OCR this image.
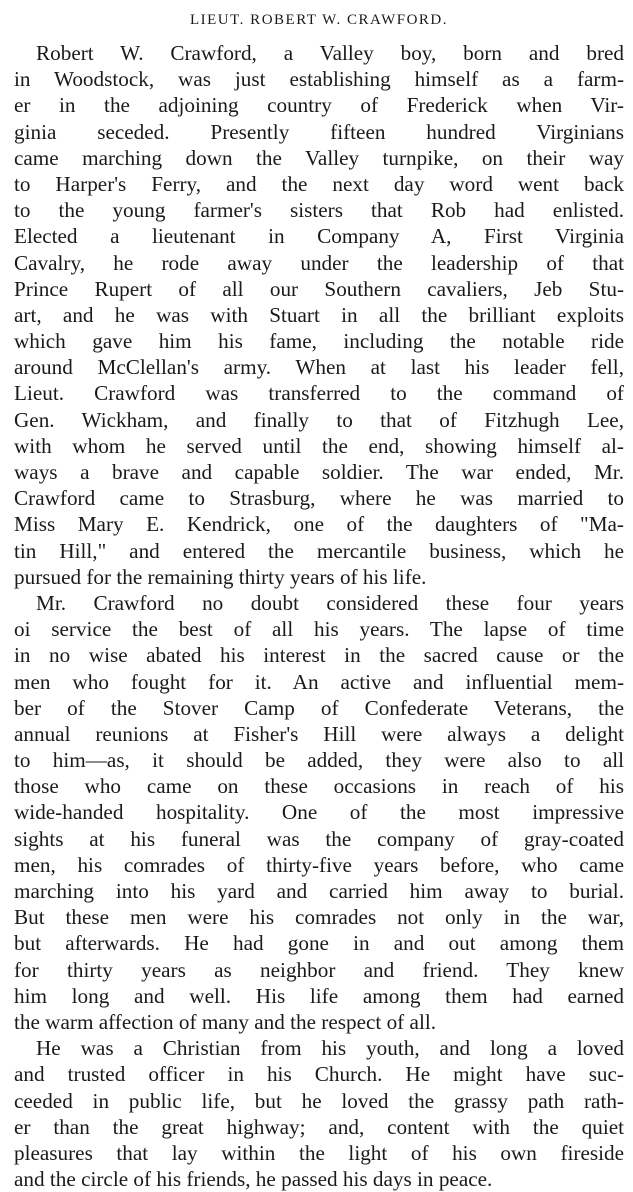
LIEUT. ROBERT W. CRAWFORD.
Robert W. Crawford, a Valley boy, born and bred
in Woodstock, was just establishing himself as a farm-
er in the adjoining country of Frederick when Vir-
ginia seceded. Presently fifteen hundred Virginians
came marching down the Valley turnpike, on their way
to Harper's Ferry, and the next day word went back
to the young farmer's sisters that Rob had enlisted.
Elected a lieutenant in Company A, First Virginia
Cavalry, he rode away under the leadership of that
Prince Rupert of all our Southern cavaliers, Jeb Stu-
art, and he was with Stuart in all the brilliant exploits
which gave him his fame, including the notable ride
around McClellan's army. When at last his leader fell,
Lieut. Crawford was transferred to the command of
Gen. Wickham, and finally to that of Fitzhugh Lee,
with whom he served until the end, showing himself al-
ways a brave and capable soldier. The war ended, Mr.
Crawford came to Strasburg, where he was married to
Miss Mary E. Kendrick, one of the daughters of "Ma-
tin Hill," and entered the mercantile business, which he
pursued for the remaining thirty years of his life.
Mr. Crawford no doubt considered these four years
oi service the best of all his years. The lapse of time
in no wise abated his interest in the sacred cause or the
men who fought for it. An active and influential mem-
ber of the Stover Camp of Confederate Veterans, the
annual reunions at Fisher's Hill were always a delight
to him—as, it should be added, they were also to all
those who came on these occasions in reach of his
wide-handed hospitality. One of the most impressive
sights at his funeral was the company of gray-coated
men, his comrades of thirty-five years before, who came
marching into his yard and carried him away to burial.
But these men were his comrades not only in the war,
but afterwards. He had gone in and out among them
for thirty years as neighbor and friend. They knew
him long and well. His life among them had earned
the warm affection of many and the respect of all.
He was a Christian from his youth, and long a loved
and trusted officer in his Church. He might have suc-
ceeded in public life, but he loved the grassy path rath-
er than the great highway; and, content with the quiet
pleasures that lay within the light of his own fireside
and the circle of his friends, he passed his days in peace.
